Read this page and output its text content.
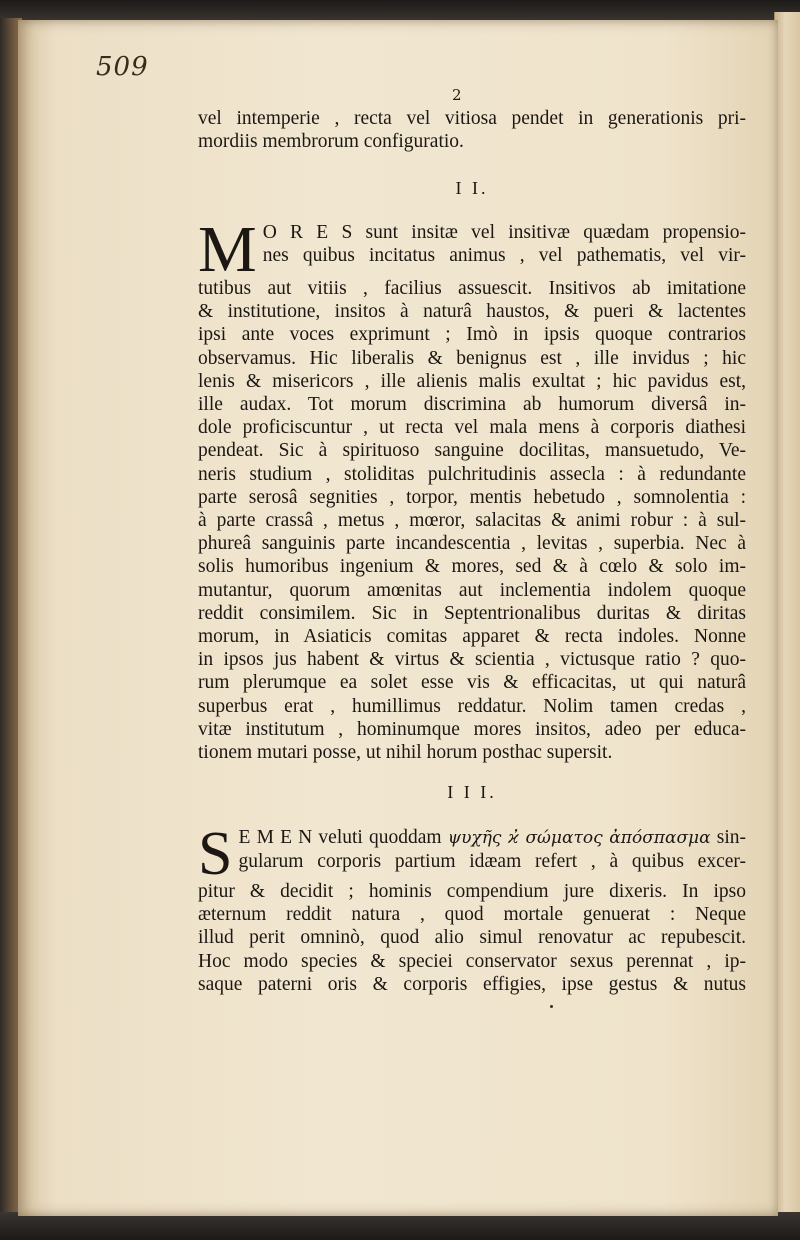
509
2
vel intemperie , recta vel vitiosa pendet in generationis pri-
mordiis membrorum configuratio.
I I.
M O R E S sunt insitæ vel insitivæ quædam propensio-
nes quibus incitatus animus , vel pathematis, vel vir-
tutibus aut vitiis , facilius assuescit. Insitivos ab imitatione
& institutione, insitos à naturâ haustos, & pueri & lactentes
ipsi ante voces exprimunt ; Imò in ipsis quoque contrarios
observamus. Hic liberalis & benignus est , ille invidus ; hic
lenis & misericors , ille alienis malis exultat ; hic pavidus est,
ille audax. Tot morum discrimina ab humorum diversâ in-
dole proficiscuntur , ut recta vel mala mens à corporis diathesi
pendeat. Sic à spirituoso sanguine docilitas, mansuetudo, Ve-
neris studium , stoliditas pulchritudinis assecla : à redundante
parte serosâ segnities , torpor, mentis hebetudo , somnolentia :
à parte crassâ , metus , mœror, salacitas & animi robur : à sul-
phureâ sanguinis parte incandescentia , levitas , superbia. Nec à
solis humoribus ingenium & mores, sed & à cœlo & solo im-
mutantur, quorum amœnitas aut inclementia indolem quoque
reddit consimilem. Sic in Septentrionalibus duritas & diritas
morum, in Asiaticis comitas apparet & recta indoles. Nonne
in ipsos jus habent & virtus & scientia , victusque ratio ? quo-
rum plerumque ea solet esse vis & efficacitas, ut qui naturâ
superbus erat , humillimus reddatur. Nolim tamen credas ,
vitæ institutum , hominumque mores insitos, adeo per educa-
tionem mutari posse, ut nihil horum posthac supersit.
I I I.
S E M E N veluti quoddam ψυχῆς ϰ̓ σώματος ἀπόσπασμα sin-
gularum corporis partium idæam refert , à quibus excer-
pitur & decidit ; hominis compendium jure dixeris. In ipso
æternum reddit natura , quod mortale genuerat : Neque
illud perit omninò, quod alio simul renovatur ac repubescit.
Hoc modo species & speciei conservator sexus perennat , ip-
saque paterni oris & corporis effigies, ipse gestus & nutus
